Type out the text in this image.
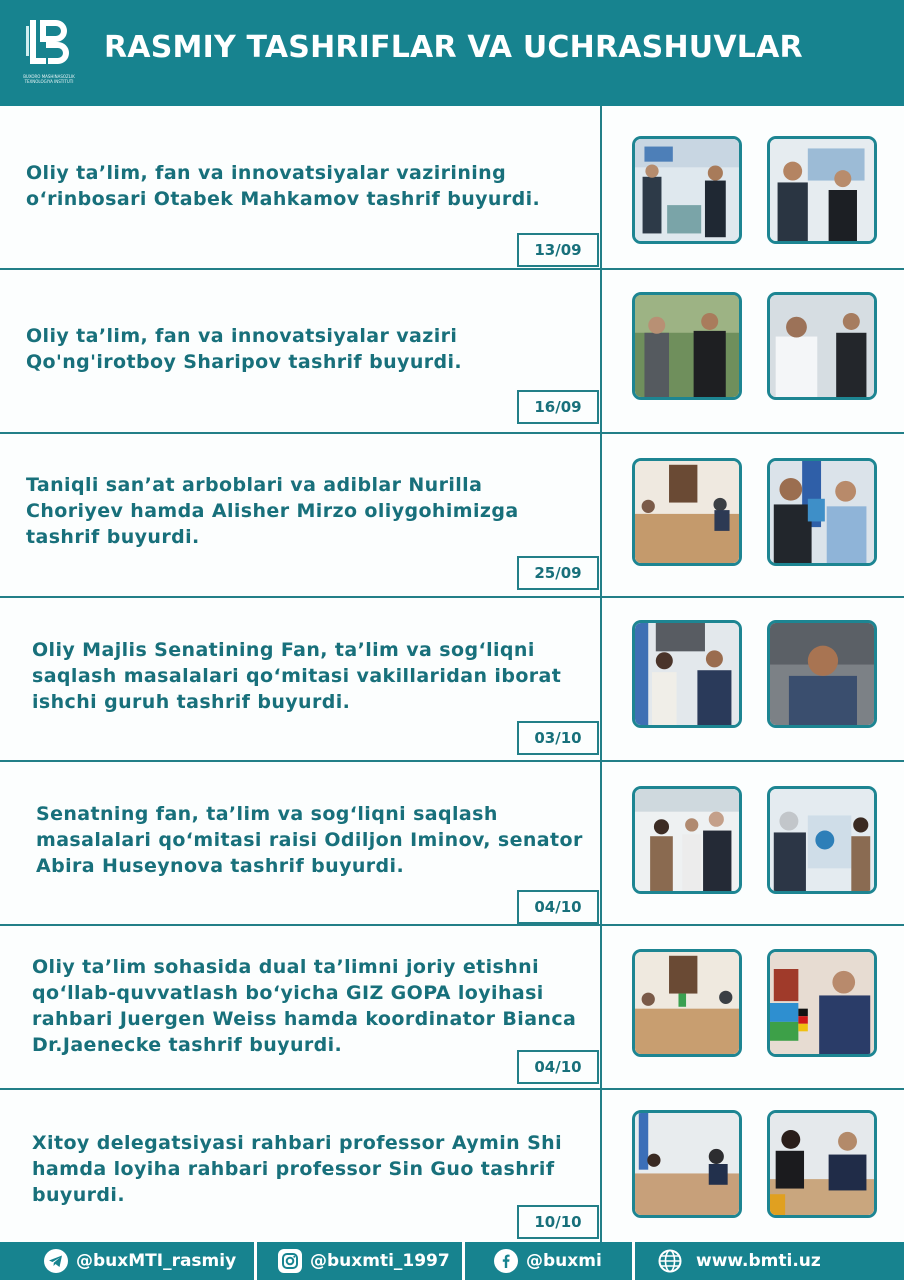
BUXORO MASHINASOZLIK TEXNOLOGIYA INSTITUTI
RASMIY TASHRIFLAR VA UCHRASHUVLAR
Oliy ta’lim, fan va innovatsiyalar vazirining o‘rinbosari Otabek Mahkamov tashrif buyurdi.
13/09
Oliy ta’lim, fan va innovatsiyalar vaziri Qo'ng'irotboy Sharipov tashrif buyurdi.
16/09
Taniqli san’at arboblari va adiblar Nurilla Choriyev hamda Alisher Mirzo oliygohimizga tashrif buyurdi.
25/09
Oliy Majlis Senatining Fan, ta’lim va sog‘liqni saqlash masalalari qo‘mitasi vakillaridan iborat ishchi guruh tashrif buyurdi.
03/10
Senatning fan, ta’lim va sog‘liqni saqlash masalalari qo‘mitasi raisi Odiljon Iminov, senator Abira Huseynova tashrif buyurdi.
04/10
Oliy ta’lim sohasida dual ta’limni joriy etishni qo‘llab-quvvatlash bo‘yicha GIZ GOPA loyihasi rahbari Juergen Weiss hamda koordinator Bianca Dr.Jaenecke tashrif buyurdi.
04/10
Xitoy delegatsiyasi rahbari professor Aymin Shi hamda loyiha rahbari professor Sin Guo tashrif buyurdi.
10/10
@buxMTI_rasmiy	@buxmti_1997	@buxmi	www.bmti.uz
